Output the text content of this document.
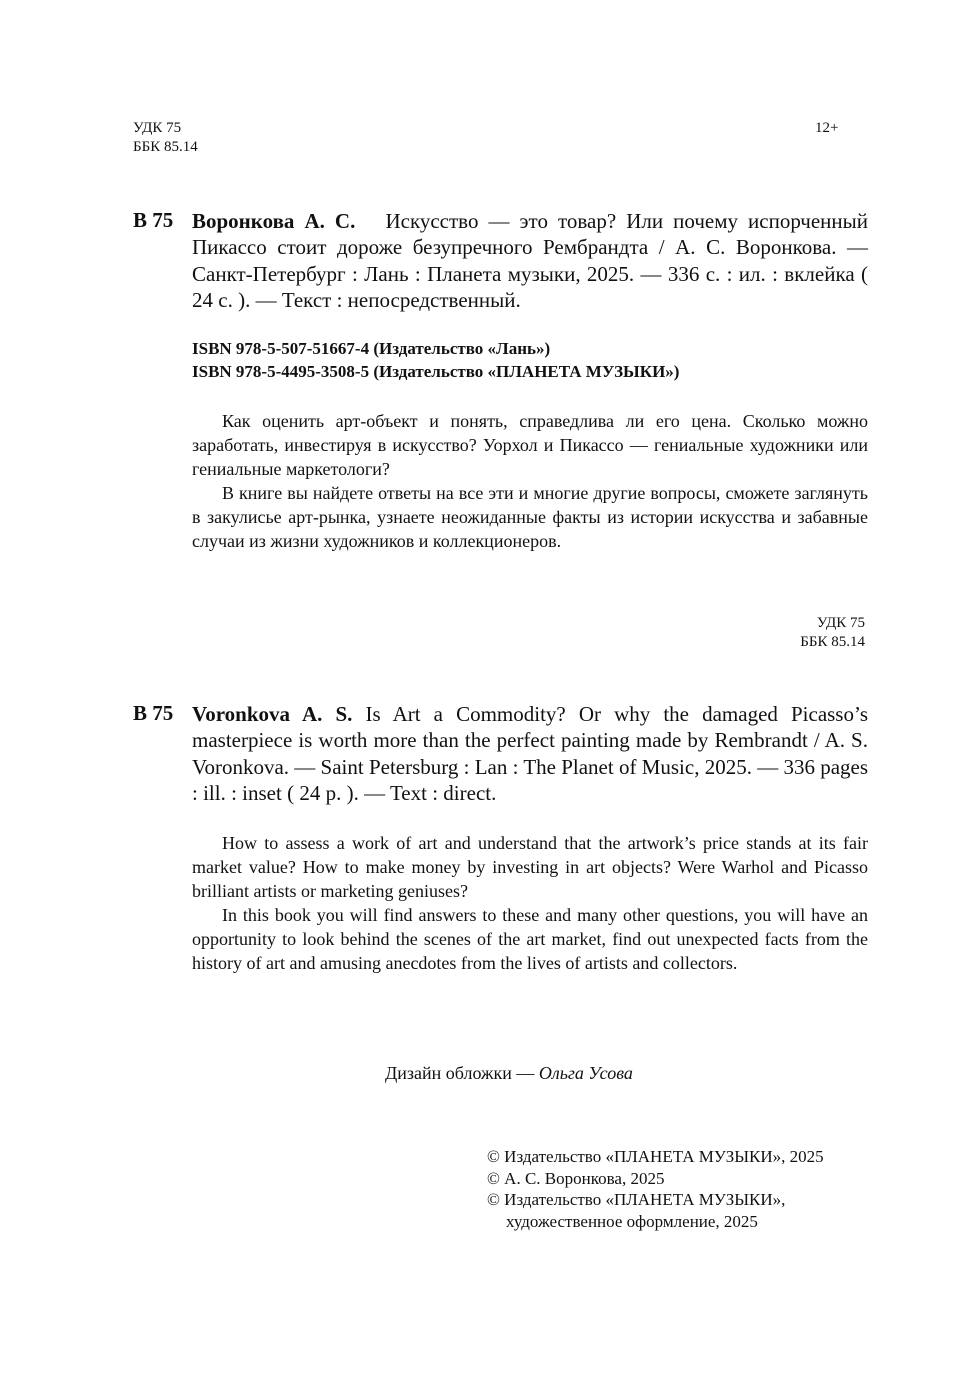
УДК 75
ББК 85.14
12+
В 75 Воронкова А. С. Искусство — это товар? Или почему испорченный Пикассо стоит дороже безупречного Рембрандта / А. С. Воронкова. — Санкт-Петербург : Лань : Планета музыки, 2025. — 336 с. : ил. : вклейка ( 24 с. ). — Текст : непосредственный.
ISBN 978-5-507-51667-4 (Издательство «Лань»)
ISBN 978-5-4495-3508-5 (Издательство «ПЛАНЕТА МУЗЫКИ»)

Как оценить арт-объект и понять, справедлива ли его цена. Сколько можно заработать, инвестируя в искусство? Уорхол и Пикассо — гениальные художники или гениальные маркетологи?

В книге вы найдете ответы на все эти и многие другие вопросы, сможете заглянуть в закулисье арт-рынка, узнаете неожиданные факты из истории искусства и забавные случаи из жизни художников и коллекционеров.

УДК 75
ББК 85.14
B 75 Voronkova A. S. Is Art a Commodity? Or why the damaged Picasso’s masterpiece is worth more than the perfect painting made by Rembrandt / A. S. Voronkova. — Saint Petersburg : Lan : The Planet of Music, 2025. — 336 pages : ill. : inset ( 24 p. ). — Text : direct.

How to assess a work of art and understand that the artwork’s price stands at its fair market value? How to make money by investing in art objects? Were Warhol and Picasso brilliant artists or marketing geniuses?

In this book you will find answers to these and many other questions, you will have an opportunity to look behind the scenes of the art market, find out unexpected facts from the history of art and amusing anecdotes from the lives of artists and collectors.

Дизайн обложки — Ольга Усова
© Издательство «ПЛАНЕТА МУЗЫКИ», 2025
© А. С. Воронкова, 2025
© Издательство «ПЛАНЕТА МУЗЫКИ»,
художественное оформление, 2025
